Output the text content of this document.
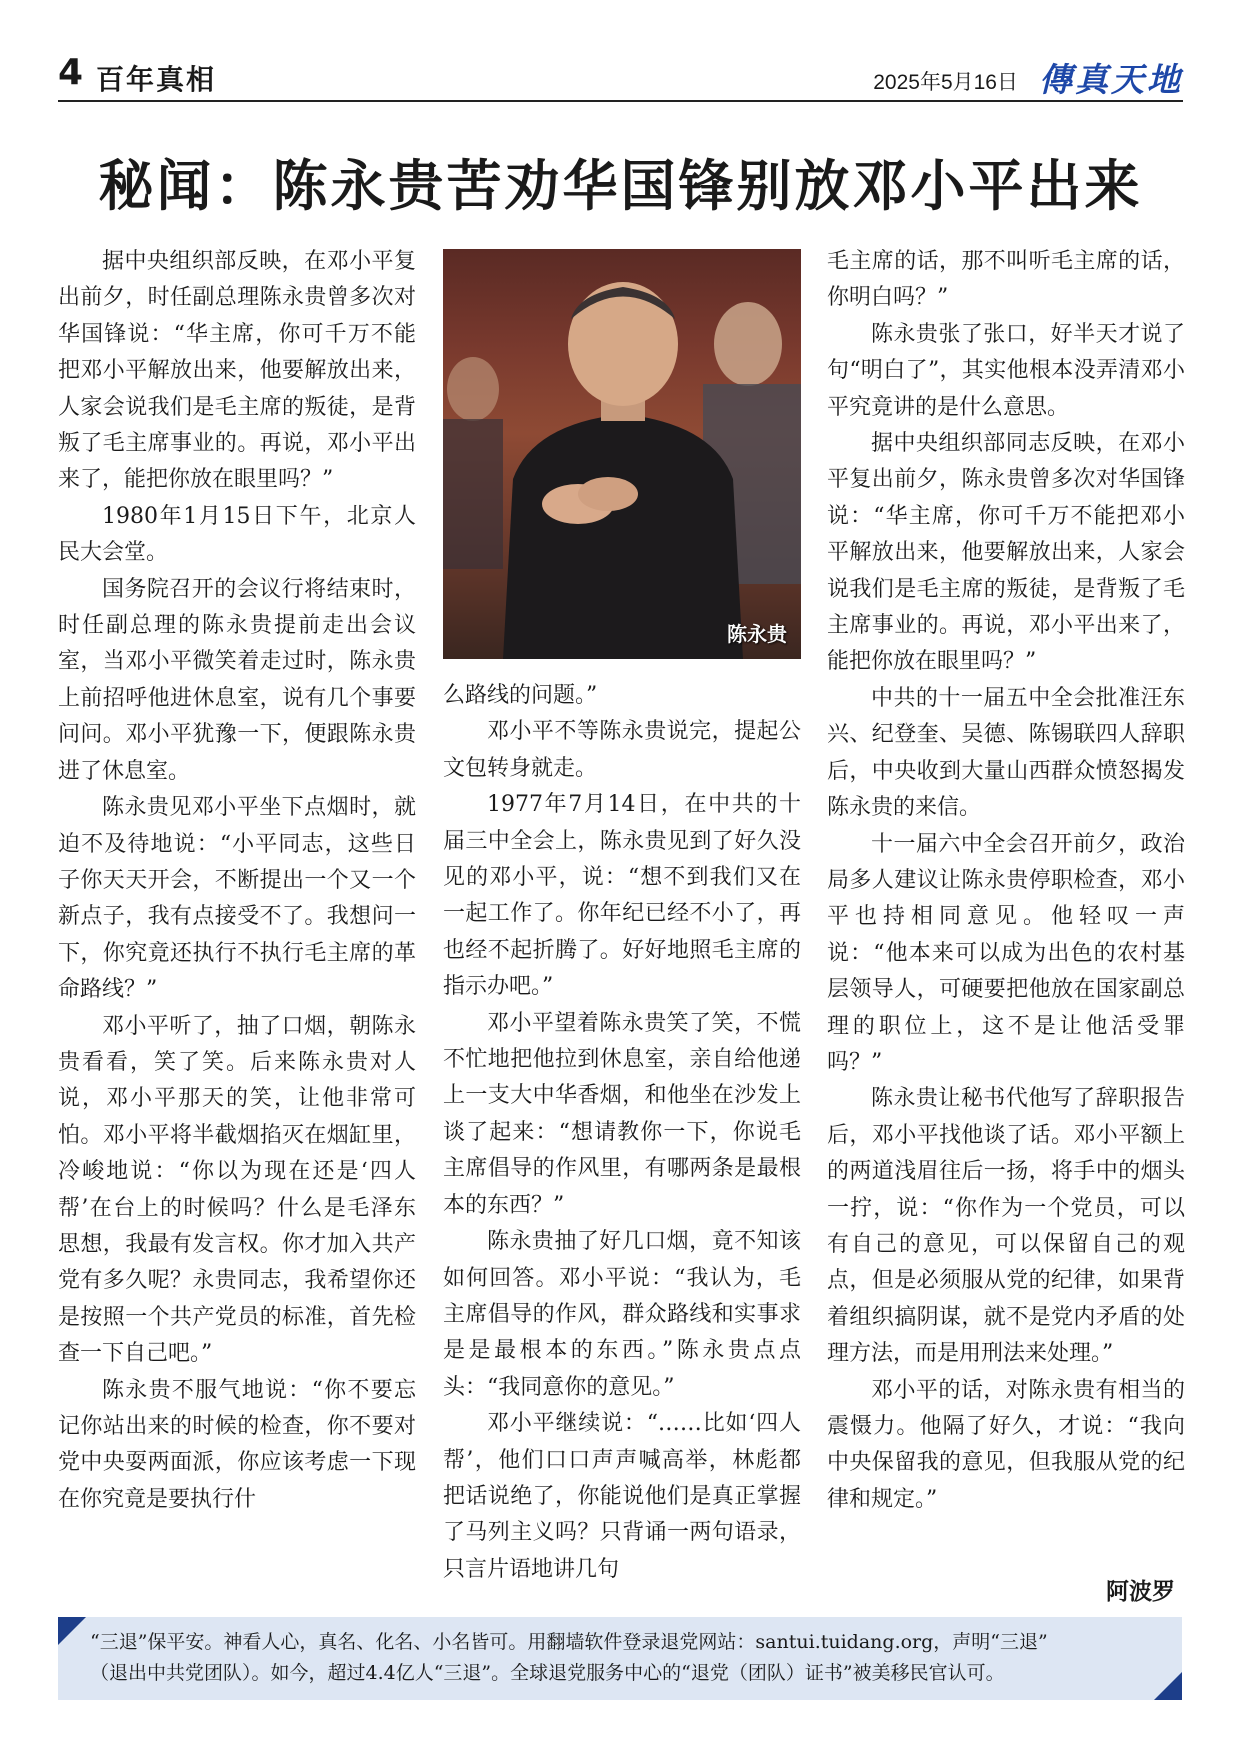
4 百年真相	2025年5月16日 傳真天地
秘闻：陈永贵苦劝华国锋别放邓小平出来

据中央组织部反映，在邓小平复出前夕，时任副总理陈永贵曾多次对华国锋说：“华主席，你可千万不能把邓小平解放出来，他要解放出来，人家会说我们是毛主席的叛徒，是背叛了毛主席事业的。再说，邓小平出来了，能把你放在眼里吗？”

1980年1月15日下午，北京人民大会堂。

国务院召开的会议行将结束时，时任副总理的陈永贵提前走出会议室，当邓小平微笑着走过时，陈永贵上前招呼他进休息室，说有几个事要问问。邓小平犹豫一下，便跟陈永贵进了休息室。

陈永贵见邓小平坐下点烟时，就迫不及待地说：“小平同志，这些日子你天天开会，不断提出一个又一个新点子，我有点接受不了。我想问一下，你究竟还执行不执行毛主席的革命路线？”

邓小平听了，抽了口烟，朝陈永贵看看，笑了笑。后来陈永贵对人说，邓小平那天的笑，让他非常可怕。邓小平将半截烟掐灭在烟缸里，冷峻地说：“你以为现在还是‘四人帮’在台上的时候吗？什么是毛泽东思想，我最有发言权。你才加入共产党有多久呢？永贵同志，我希望你还是按照一个共产党员的标准，首先检查一下自己吧。”

陈永贵不服气地说：“你不要忘记你站出来的时候的检查，你不要对党中央耍两面派，你应该考虑一下现在你究竟是要执行什

陈永贵

么路线的问题。”

邓小平不等陈永贵说完，提起公文包转身就走。

1977年7月14日，在中共的十届三中全会上，陈永贵见到了好久没见的邓小平，说：“想不到我们又在一起工作了。你年纪已经不小了，再也经不起折腾了。好好地照毛主席的指示办吧。”

邓小平望着陈永贵笑了笑，不慌不忙地把他拉到休息室，亲自给他递上一支大中华香烟，和他坐在沙发上谈了起来：“想请教你一下，你说毛主席倡导的作风里，有哪两条是最根本的东西？”

陈永贵抽了好几口烟，竟不知该如何回答。邓小平说：“我认为，毛主席倡导的作风，群众路线和实事求是是最根本的东西。”陈永贵点点头：“我同意你的意见。”

邓小平继续说：“……比如‘四人帮’，他们口口声声喊高举，林彪都把话说绝了，你能说他们是真正掌握了马列主义吗？只背诵一两句语录，只言片语地讲几句

毛主席的话，那不叫听毛主席的话，你明白吗？”

陈永贵张了张口，好半天才说了句“明白了”，其实他根本没弄清邓小平究竟讲的是什么意思。

据中央组织部同志反映，在邓小平复出前夕，陈永贵曾多次对华国锋说：“华主席，你可千万不能把邓小平解放出来，他要解放出来，人家会说我们是毛主席的叛徒，是背叛了毛主席事业的。再说，邓小平出来了，能把你放在眼里吗？”

中共的十一届五中全会批准汪东兴、纪登奎、吴德、陈锡联四人辞职后，中央收到大量山西群众愤怒揭发陈永贵的来信。

十一届六中全会召开前夕，政治局多人建议让陈永贵停职检查，邓小平也持相同意见。他轻叹一声说：“他本来可以成为出色的农村基层领导人，可硬要把他放在国家副总理的职位上，这不是让他活受罪吗？”

陈永贵让秘书代他写了辞职报告后，邓小平找他谈了话。邓小平额上的两道浅眉往后一扬，将手中的烟头一拧，说：“你作为一个党员，可以有自己的意见，可以保留自己的观点，但是必须服从党的纪律，如果背着组织搞阴谋，就不是党内矛盾的处理方法，而是用刑法来处理。”

邓小平的话，对陈永贵有相当的震慑力。他隔了好久，才说：“我向中央保留我的意见，但我服从党的纪律和规定。”

阿波罗
“三退”保平安。神看人心，真名、化名、小名皆可。用翻墙软件登录退党网站：santui.tuidang.org，声明“三退”
（退出中共党团队）。如今，超过4.4亿人“三退”。全球退党服务中心的“退党（团队）证书”被美移民官认可。
